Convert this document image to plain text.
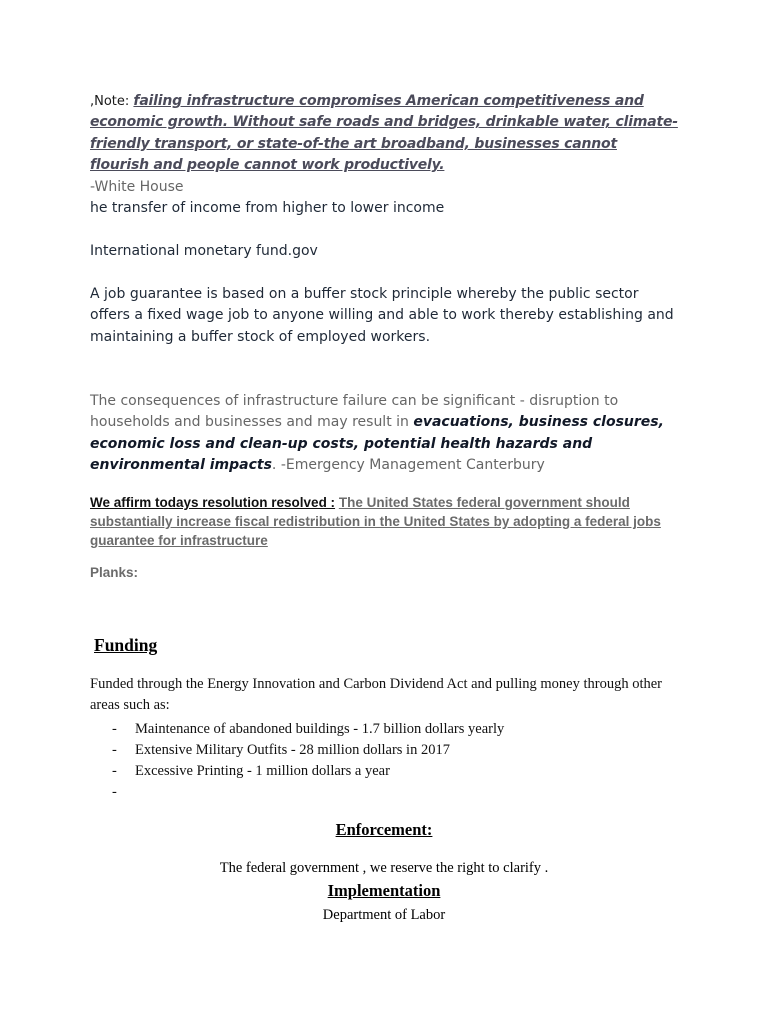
,Note: failing infrastructure compromises American competitiveness and economic growth. Without safe roads and bridges, drinkable water, climate-friendly transport, or state-of-the art broadband, businesses cannot flourish and people cannot work productively.
-White House
he transfer of income from higher to lower income
International monetary fund.gov
A job guarantee is based on a buffer stock principle whereby the public sector offers a fixed wage job to anyone willing and able to work thereby establishing and maintaining a buffer stock of employed workers.
The consequences of infrastructure failure can be significant - disruption to households and businesses and may result in evacuations, business closures, economic loss and clean-up costs, potential health hazards and environmental impacts. -Emergency Management Canterbury
We affirm todays resolution resolved : The United States federal government should substantially increase fiscal redistribution in the United States by adopting a federal jobs guarantee for infrastructure
Planks:
Funding
Funded through the Energy Innovation and Carbon Dividend Act and pulling money through other areas such as:
- Maintenance of abandoned buildings - 1.7 billion dollars yearly
- Extensive Military Outfits - 28 million dollars in 2017
- Excessive Printing - 1 million dollars a year
-
Enforcement:
The federal government , we reserve the right to clarify .
Implementation
Department of Labor
